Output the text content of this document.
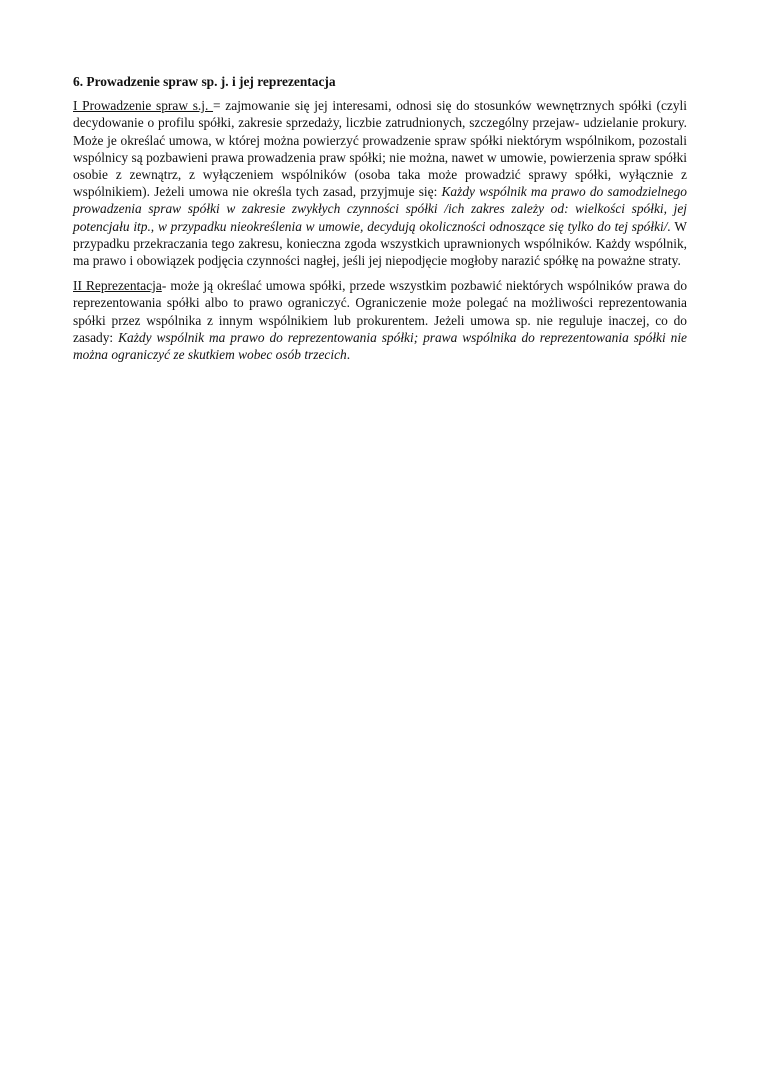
6. Prowadzenie spraw sp. j. i jej reprezentacja

I Prowadzenie spraw s.j. = zajmowanie się jej interesami, odnosi się do stosunków wewnętrznych spółki (czyli decydowanie o profilu spółki, zakresie sprzedaży, liczbie zatrudnionych, szczególny przejaw- udzielanie prokury. Może je określać umowa, w której można powierzyć prowadzenie spraw spółki niektórym wspólnikom, pozostali wspólnicy są pozbawieni prawa prowadzenia praw spółki; nie można, nawet w umowie, powierzenia spraw spółki osobie z zewnątrz, z wyłączeniem wspólników (osoba taka może prowadzić sprawy spółki, wyłącznie z wspólnikiem). Jeżeli umowa nie określa tych zasad, przyjmuje się: Każdy wspólnik ma prawo do samodzielnego prowadzenia spraw spółki w zakresie zwykłych czynności spółki /ich zakres zależy od: wielkości spółki, jej potencjału itp., w przypadku nieokreślenia w umowie, decydują okoliczności odnoszące się tylko do tej spółki/. W przypadku przekraczania tego zakresu, konieczna zgoda wszystkich uprawnionych wspólników. Każdy wspólnik, ma prawo i obowiązek podjęcia czynności nagłej, jeśli jej niepodjęcie mogłoby narazić spółkę na poważne straty.

II Reprezentacja- może ją określać umowa spółki, przede wszystkim pozbawić niektórych wspólników prawa do reprezentowania spółki albo to prawo ograniczyć. Ograniczenie może polegać na możliwości reprezentowania spółki przez wspólnika z innym wspólnikiem lub prokurentem. Jeżeli umowa sp. nie reguluje inaczej, co do zasady: Każdy wspólnik ma prawo do reprezentowania spółki; prawa wspólnika do reprezentowania spółki nie można ograniczyć ze skutkiem wobec osób trzecich.
